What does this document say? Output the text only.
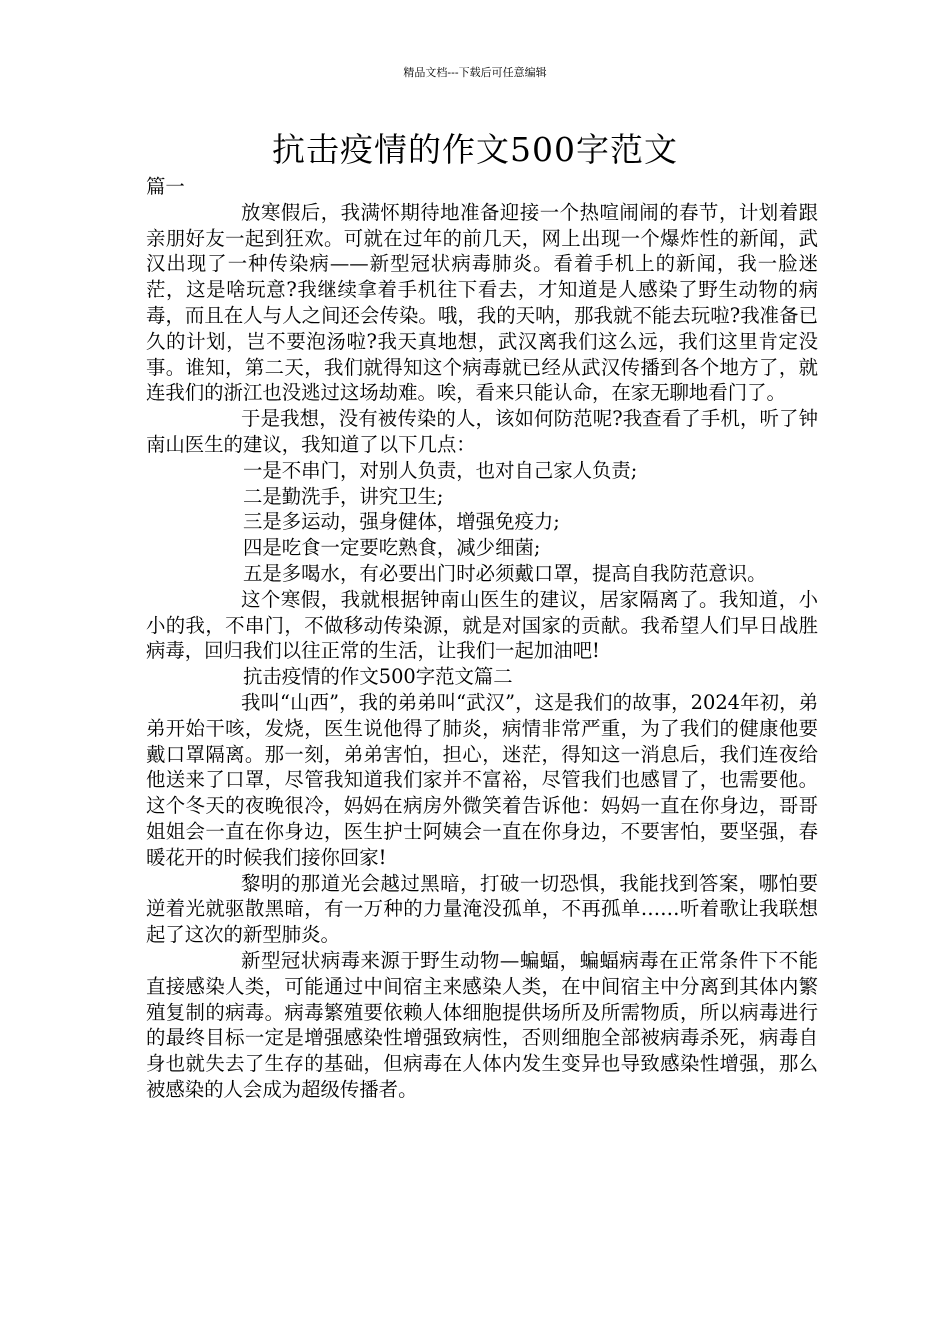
精品文档---下载后可任意编辑
抗击疫情的作文500字范文

篇一

放寒假后，我满怀期待地准备迎接一个热喧闹闹的春节，计划着跟亲朋好友一起到狂欢。可就在过年的前几天，网上出现一个爆炸性的新闻，武汉出现了一种传染病——新型冠状病毒肺炎。看着手机上的新闻，我一脸迷茫，这是啥玩意?我继续拿着手机往下看去，才知道是人感染了野生动物的病毒，而且在人与人之间还会传染。哦，我的天呐，那我就不能去玩啦?我准备已久的计划，岂不要泡汤啦?我天真地想，武汉离我们这么远，我们这里肯定没事。谁知，第二天，我们就得知这个病毒就已经从武汉传播到各个地方了，就连我们的浙江也没逃过这场劫难。唉，看来只能认命，在家无聊地看门了。

于是我想，没有被传染的人，该如何防范呢?我查看了手机，听了钟南山医生的建议，我知道了以下几点：

一是不串门，对别人负责，也对自己家人负责;

二是勤洗手，讲究卫生;

三是多运动，强身健体，增强免疫力;

四是吃食一定要吃熟食，减少细菌;

五是多喝水，有必要出门时必须戴口罩，提高自我防范意识。

这个寒假，我就根据钟南山医生的建议，居家隔离了。我知道，小小的我，不串门，不做移动传染源，就是对国家的贡献。我希望人们早日战胜病毒，回归我们以往正常的生活，让我们一起加油吧!

抗击疫情的作文500字范文篇二

我叫“山西”，我的弟弟叫“武汉”，这是我们的故事，2024年初，弟弟开始干咳，发烧，医生说他得了肺炎，病情非常严重，为了我们的健康他要戴口罩隔离。那一刻，弟弟害怕，担心，迷茫，得知这一消息后，我们连夜给他送来了口罩，尽管我知道我们家并不富裕，尽管我们也感冒了，也需要他。这个冬天的夜晚很冷，妈妈在病房外微笑着告诉他：妈妈一直在你身边，哥哥姐姐会一直在你身边，医生护士阿姨会一直在你身边，不要害怕，要坚强，春暖花开的时候我们接你回家!

黎明的那道光会越过黑暗，打破一切恐惧，我能找到答案，哪怕要逆着光就驱散黑暗，有一万种的力量淹没孤单，不再孤单……听着歌让我联想起了这次的新型肺炎。

新型冠状病毒来源于野生动物—蝙蝠，蝙蝠病毒在正常条件下不能直接感染人类，可能通过中间宿主来感染人类，在中间宿主中分离到其体内繁殖复制的病毒。病毒繁殖要依赖人体细胞提供场所及所需物质，所以病毒进行的最终目标一定是增强感染性增强致病性，否则细胞全部被病毒杀死，病毒自身也就失去了生存的基础，但病毒在人体内发生变异也导致感染性增强，那么被感染的人会成为超级传播者。
